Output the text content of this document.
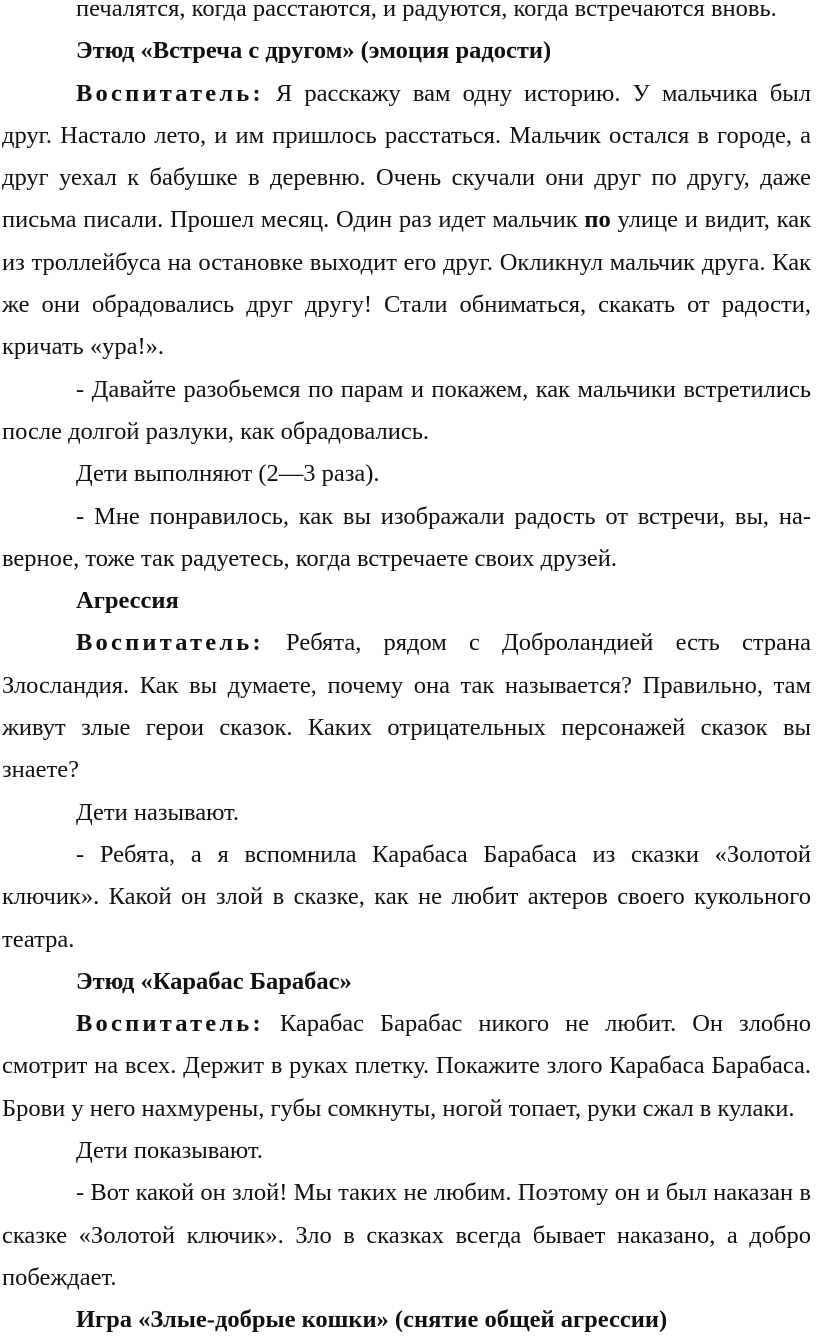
печалятся, когда расстаются, и радуются, когда встречаются вновь.

Этюд «Встреча с другом» (эмоция радости)

Воспитатель: Я расскажу вам одну историю. У мальчика был друг. Настало лето, и им пришлось расстаться. Мальчик остался в городе, а друг уехал к бабушке в деревню. Очень скучали они друг по другу, даже письма писали. Прошел месяц. Один раз идет мальчик по улице и видит, как из троллейбуса на остановке выходит его друг. Окликнул мальчик друга. Как же они обрадовались друг другу! Стали обниматься, скакать от радости, кричать «ура!».

- Давайте разобьемся по парам и покажем, как мальчики встретились после долгой разлуки, как обрадовались.

Дети выполняют (2—3 раза).

- Мне понравилось, как вы изображали радость от встречи, вы, наверное, тоже так радуетесь, когда встречаете своих друзей.

Агрессия

Воспитатель: Ребята, рядом с Доброландией есть страна Злосландия. Как вы думаете, почему она так называется? Правильно, там живут злые герои сказок. Каких отрицательных персонажей сказок вы знаете?

Дети называют.

- Ребята, а я вспомнила Карабаса Барабаса из сказки «Золотой ключик». Какой он злой в сказке, как не любит актеров своего кукольного театра.

Этюд «Карабас Барабас»

Воспитатель: Карабас Барабас никого не любит. Он злобно смотрит на всех. Держит в руках плетку. Покажите злого Карабаса Барабаса. Брови у него нахмурены, губы сомкнуты, ногой топает, руки сжал в кулаки.

Дети показывают.

- Вот какой он злой! Мы таких не любим. Поэтому он и был наказан в сказке «Золотой ключик». Зло в сказках всегда бывает наказано, а добро побеждает.

Игра «Злые-добрые кошки» (снятие общей агрессии)
